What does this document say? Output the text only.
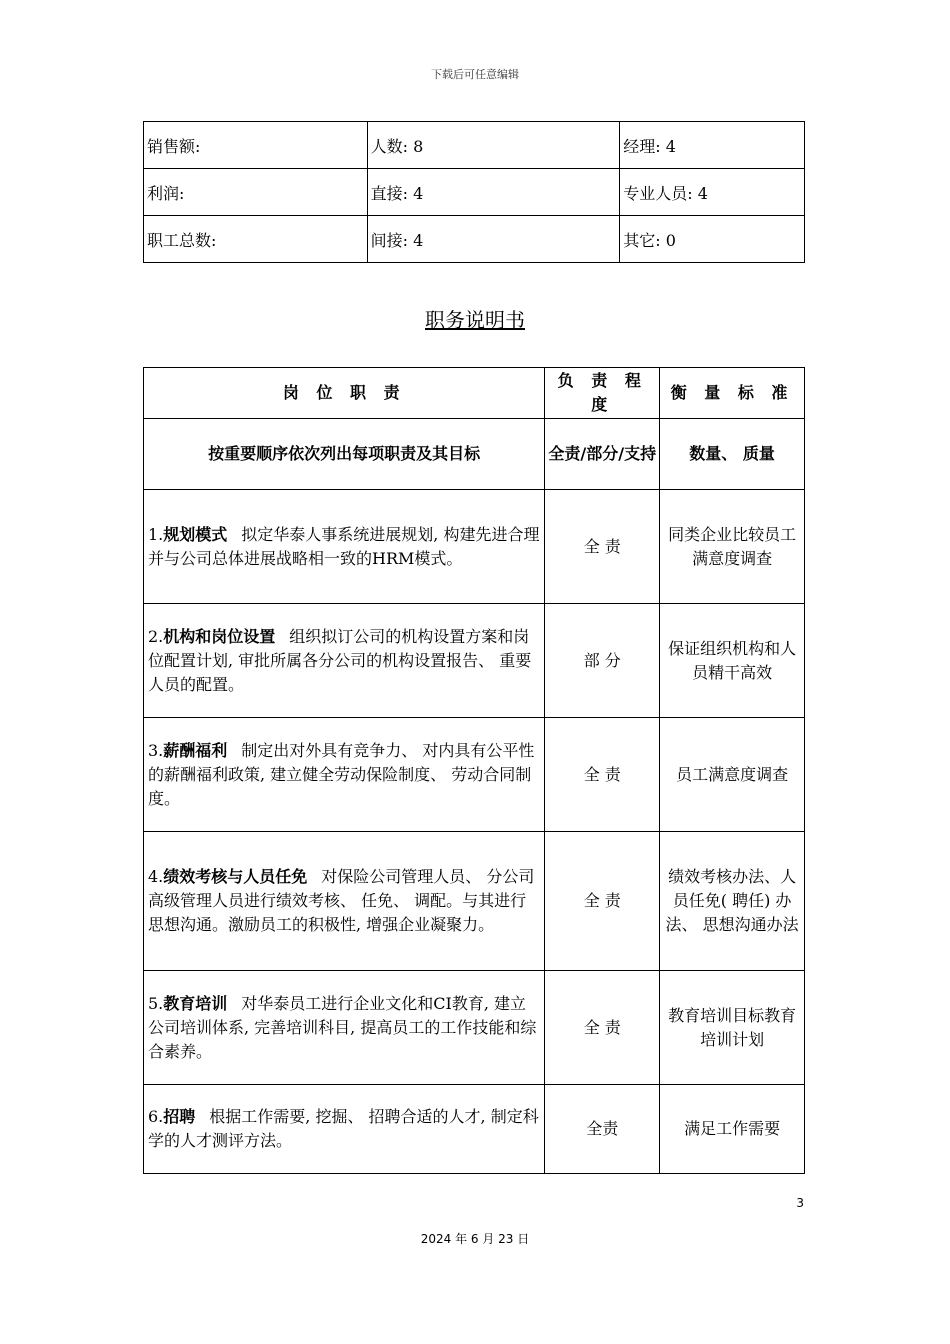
下载后可任意编辑
销售额:	人数: 8	经理: 4
利润:	直接: 4	专业人员: 4
职工总数:	间接: 4	其它: 0
职务说明书
岗 位 职 责	负 责 程 度	衡 量 标 准
按重要顺序依次列出每项职责及其目标	全责/部分/支持	数量、 质量
1.规划模式 拟定华泰人事系统进展规划, 构建先进合理并与公司总体进展战略相一致的HRM模式。	全 责	同类企业比较员工满意度调查
2.机构和岗位设置 组织拟订公司的机构设置方案和岗位配置计划, 审批所属各分公司的机构设置报告、 重要人员的配置。	部 分	保证组织机构和人员精干高效
3.薪酬福利 制定出对外具有竞争力、 对内具有公平性的薪酬福利政策, 建立健全劳动保险制度、 劳动合同制度。	全 责	员工满意度调查
4.绩效考核与人员任免 对保险公司管理人员、 分公司高级管理人员进行绩效考核、 任免、 调配。与其进行思想沟通。激励员工的积极性, 增强企业凝聚力。	全 责	绩效考核办法、人员任免( 聘任) 办法、 思想沟通办法
5.教育培训 对华泰员工进行企业文化和CI教育, 建立公司培训体系, 完善培训科目, 提高员工的工作技能和综合素养。	全 责	教育培训目标教育培训计划
6.招聘 根据工作需要, 挖掘、 招聘合适的人才, 制定科学的人才测评方法。	全责	满足工作需要
3
2024 年 6 月 23 日
